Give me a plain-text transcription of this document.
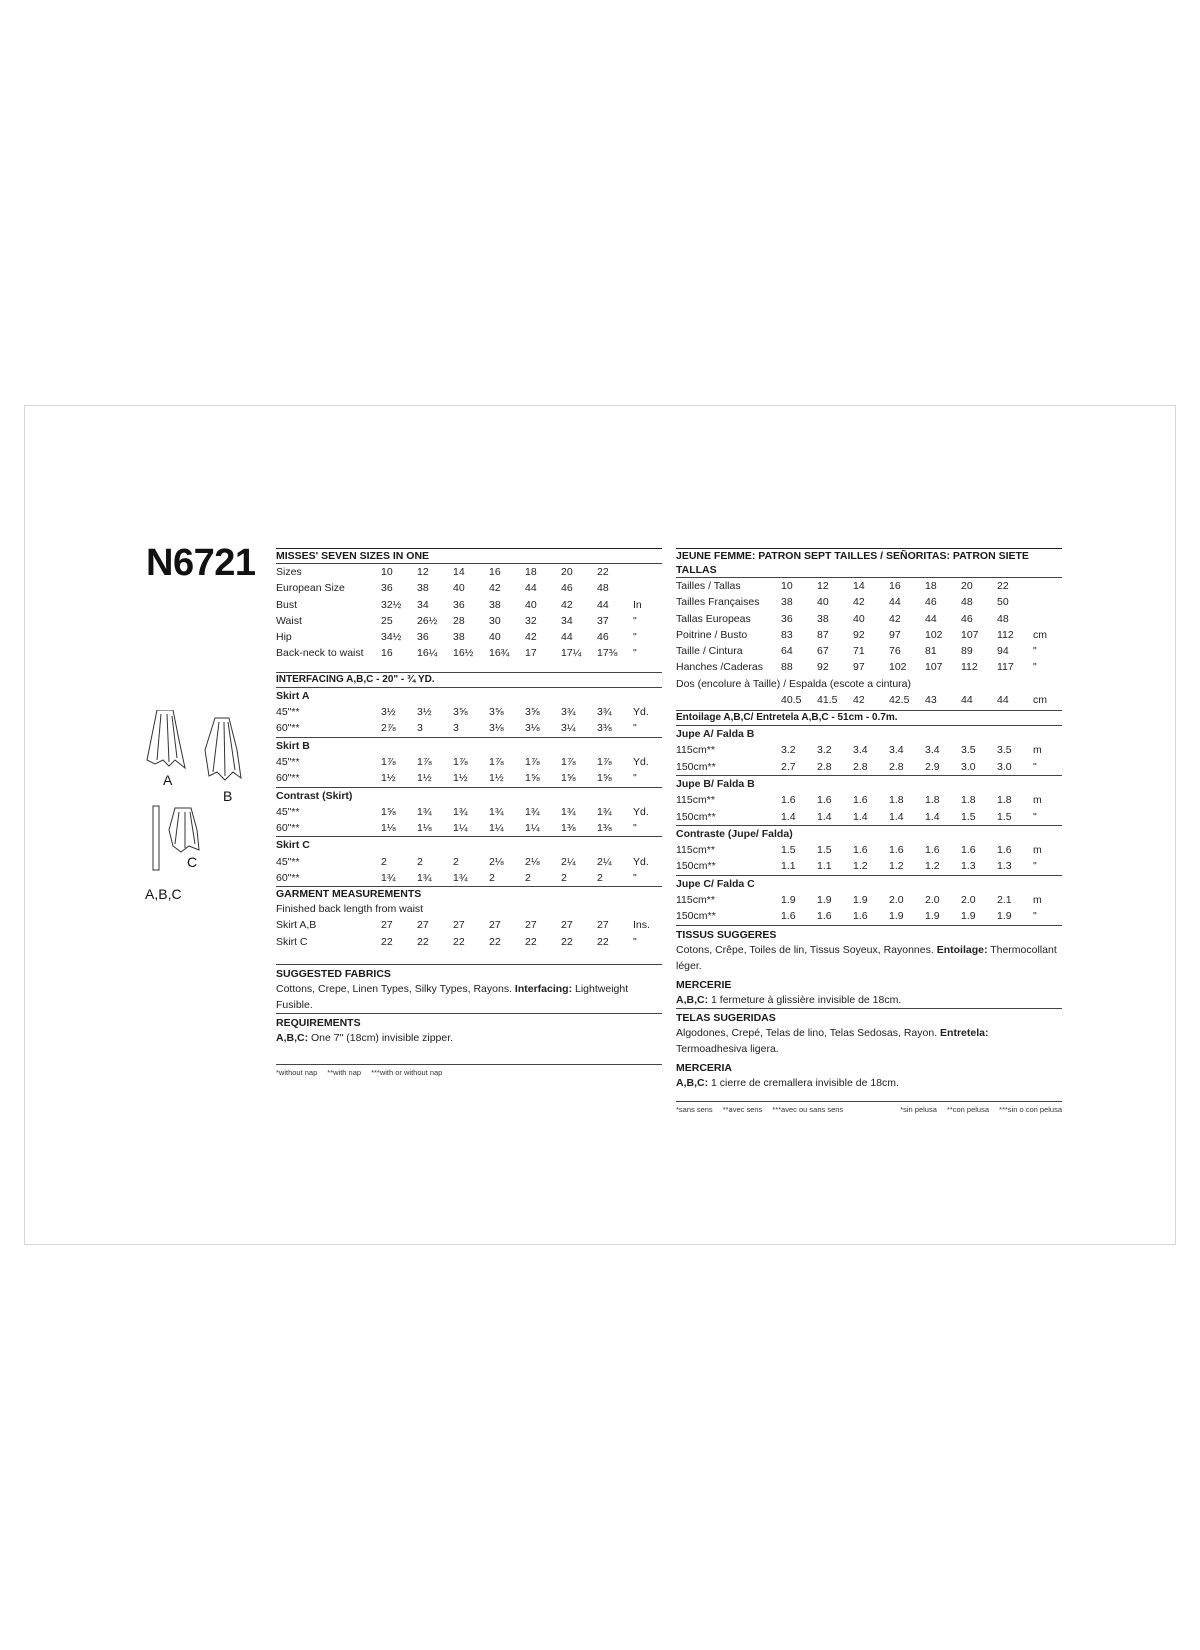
N6721
A
B
C
A,B,C
MISSES' SEVEN SIZES IN ONE
Sizes	10	12	14	16	18	20	22	
European Size	36	38	40	42	44	46	48	
Bust	32½	34	36	38	40	42	44	In
Waist	25	26½	28	30	32	34	37	"
Hip	34½	36	38	40	42	44	46	"
Back-neck to waist	16	16¼	16½	16¾	17	17¼	17⅜	"
INTERFACING A,B,C - 20" - ¾ YD.
Skirt A								
45"**	3½	3½	3⅝	3⅝	3⅝	3¾	3¾	Yd.
60"**	2⅞	3	3	3⅛	3⅛	3¼	3⅜	"
Skirt B								
45"**	1⅞	1⅞	1⅞	1⅞	1⅞	1⅞	1⅞	Yd.
60"**	1½	1½	1½	1½	1⅝	1⅝	1⅝	"
Contrast (Skirt)								
45"**	1⅝	1¾	1¾	1¾	1¾	1¾	1¾	Yd.
60"**	1⅛	1⅛	1¼	1¼	1¼	1⅜	1⅜	"
Skirt C								
45"**	2	2	2	2⅛	2⅛	2¼	2¼	Yd.
60"**	1¾	1¾	1¾	2	2	2	2	"
GARMENT MEASUREMENTS
Finished back length from waist
Skirt A,B	27	27	27	27	27	27	27	Ins.
Skirt C	22	22	22	22	22	22	22	"
SUGGESTED FABRICS
Cottons, Crepe, Linen Types, Silky Types, Rayons. Interfacing: Lightweight Fusible.
REQUIREMENTS
A,B,C: One 7" (18cm) invisible zipper.
*without nap **with nap ***with or without nap
JEUNE FEMME: PATRON SEPT TAILLES / SEÑORITAS: PATRON SIETE TALLAS
Tailles / Tallas	10	12	14	16	18	20	22	
Tailles Françaises	38	40	42	44	46	48	50	
Tallas Europeas	36	38	40	42	44	46	48	
Poitrine / Busto	83	87	92	97	102	107	112	cm
Taille / Cintura	64	67	71	76	81	89	94	"
Hanches /Caderas	88	92	97	102	107	112	117	"
Dos (encolure à Taille) / Espalda (escote a cintura)
	40.5	41.5	42	42.5	43	44	44	cm
Entoilage A,B,C/ Entretela A,B,C - 51cm - 0.7m.
Jupe A/ Falda B								
115cm**	3.2	3.2	3.4	3.4	3.4	3.5	3.5	m
150cm**	2.7	2.8	2.8	2.8	2.9	3.0	3.0	"
Jupe B/ Falda B								
115cm**	1.6	1.6	1.6	1.8	1.8	1.8	1.8	m
150cm**	1.4	1.4	1.4	1.4	1.4	1.5	1.5	"
Contraste (Jupe/ Falda)								
115cm**	1.5	1.5	1.6	1.6	1.6	1.6	1.6	m
150cm**	1.1	1.1	1.2	1.2	1.2	1.3	1.3	"
Jupe C/ Falda C								
115cm**	1.9	1.9	1.9	2.0	2.0	2.0	2.1	m
150cm**	1.6	1.6	1.6	1.9	1.9	1.9	1.9	"
TISSUS SUGGERES
Cotons, Crêpe, Toiles de lin, Tissus Soyeux, Rayonnes. Entoilage: Thermocollant léger.
MERCERIE
A,B,C: 1 fermeture à glissière invisible de 18cm.
TELAS SUGERIDAS
Algodones, Crepé, Telas de lino, Telas Sedosas, Rayon. Entretela: Termoadhesiva ligera.
MERCERIA
A,B,C: 1 cierre de cremallera invisible de 18cm.
*sans sens **avec sens ***avec ou sans sens	*sin pelusa **con pelusa ***sin o con pelusa
